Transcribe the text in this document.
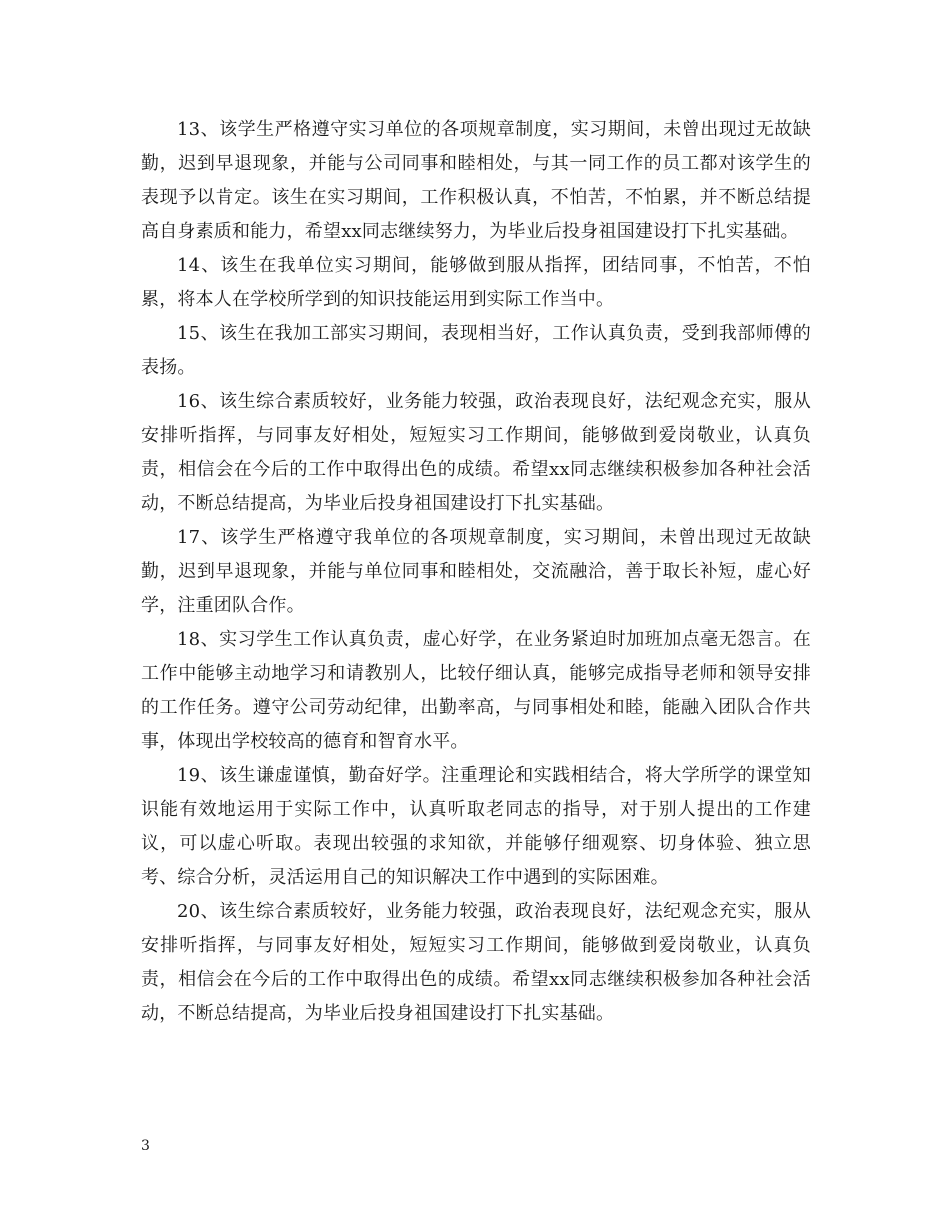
13、该学生严格遵守实习单位的各项规章制度，实习期间，未曾出现过无故缺勤，迟到早退现象，并能与公司同事和睦相处，与其一同工作的员工都对该学生的表现予以肯定。该生在实习期间，工作积极认真，不怕苦，不怕累，并不断总结提高自身素质和能力，希望xx同志继续努力，为毕业后投身祖国建设打下扎实基础。

14、该生在我单位实习期间，能够做到服从指挥，团结同事，不怕苦，不怕累，将本人在学校所学到的知识技能运用到实际工作当中。

15、该生在我加工部实习期间，表现相当好，工作认真负责，受到我部师傅的表扬。

16、该生综合素质较好，业务能力较强，政治表现良好，法纪观念充实，服从安排听指挥，与同事友好相处，短短实习工作期间，能够做到爱岗敬业，认真负责，相信会在今后的工作中取得出色的成绩。希望xx同志继续积极参加各种社会活动，不断总结提高，为毕业后投身祖国建设打下扎实基础。

17、该学生严格遵守我单位的各项规章制度，实习期间，未曾出现过无故缺勤，迟到早退现象，并能与单位同事和睦相处，交流融洽，善于取长补短，虚心好学，注重团队合作。

18、实习学生工作认真负责，虚心好学，在业务紧迫时加班加点毫无怨言。在工作中能够主动地学习和请教别人，比较仔细认真，能够完成指导老师和领导安排的工作任务。遵守公司劳动纪律，出勤率高，与同事相处和睦，能融入团队合作共事，体现出学校较高的德育和智育水平。

19、该生谦虚谨慎，勤奋好学。注重理论和实践相结合，将大学所学的课堂知识能有效地运用于实际工作中，认真听取老同志的指导，对于别人提出的工作建议，可以虚心听取。表现出较强的求知欲，并能够仔细观察、切身体验、独立思考、综合分析，灵活运用自己的知识解决工作中遇到的实际困难。

20、该生综合素质较好，业务能力较强，政治表现良好，法纪观念充实，服从安排听指挥，与同事友好相处，短短实习工作期间，能够做到爱岗敬业，认真负责，相信会在今后的工作中取得出色的成绩。希望xx同志继续积极参加各种社会活动，不断总结提高，为毕业后投身祖国建设打下扎实基础。

3
